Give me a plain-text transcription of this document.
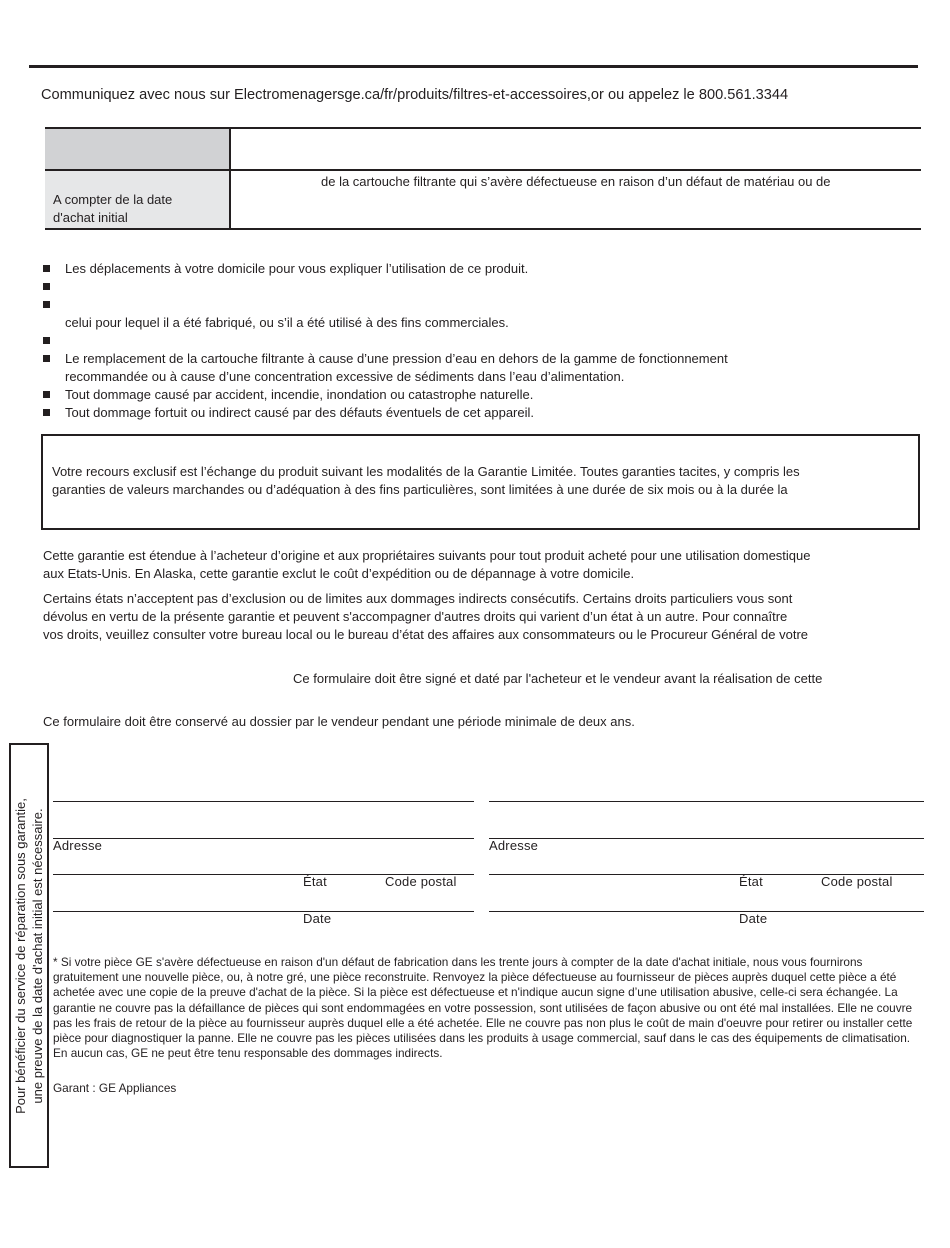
Communiquez avec nous sur Electromenagersge.ca/fr/produits/filtres-et-accessoires,or ou appelez le 800.561.3344
A compter de la date
d'achat initial
de la cartouche filtrante qui s’avère défectueuse en raison d’un défaut de matériau ou de
Les déplacements à votre domicile pour vous expliquer l’utilisation de ce produit.
celui pour lequel il a été fabriqué, ou s’il a été utilisé à des fins commerciales.
Le remplacement de la cartouche filtrante à cause d’une pression d’eau en dehors de la gamme de fonctionnement
recommandée ou à cause d’une concentration excessive de sédiments dans l’eau d’alimentation.
Tout dommage causé par accident, incendie, inondation ou catastrophe naturelle.
Tout dommage fortuit ou indirect causé par des défauts éventuels de cet appareil.
Votre recours exclusif est l’échange du produit suivant les modalités de la Garantie Limitée. Toutes garanties tacites, y compris les
garanties de valeurs marchandes ou d’adéquation à des fins particulières, sont limitées à une durée de six mois ou à la durée la
Cette garantie est étendue à l’acheteur d’origine et aux propriétaires suivants pour tout produit acheté pour une utilisation domestique
aux Etats-Unis. En Alaska, cette garantie exclut le coût d’expédition ou de dépannage à votre domicile.
Certains états n’acceptent pas d’exclusion ou de limites aux dommages indirects consécutifs. Certains droits particuliers vous sont
dévolus en vertu de la présente garantie et peuvent s'accompagner d'autres droits qui varient d’un état à un autre. Pour connaître
vos droits, veuillez consulter votre bureau local ou le bureau d’état des affaires aux consommateurs ou le Procureur Général de votre
Ce formulaire doit être signé et daté par l'acheteur et le vendeur avant la réalisation de cette
Ce formulaire doit être conservé au dossier par le vendeur pendant une période minimale de deux ans.
Pour bénéficier du service de réparation sous garantie, une preuve de la date d'achat initial est nécessaire. Adresse
État	Code postal
Date
Adresse
État	Code postal
Date
* Si votre pièce GE s'avère défectueuse en raison d'un défaut de fabrication dans les trente jours à compter de la date d'achat initiale, nous vous fournirons gratuitement une nouvelle pièce, ou, à notre gré, une pièce reconstruite. Renvoyez la pièce défectueuse au fournisseur de pièces auprès duquel cette pièce a été achetée avec une copie de la preuve d'achat de la pièce. Si la pièce est défectueuse et n'indique aucun signe d’une utilisation abusive, celle-ci sera échangée. La garantie ne couvre pas la défaillance de pièces qui sont endommagées en votre possession, sont utilisées de façon abusive ou ont été mal installées. Elle ne couvre pas les frais de retour de la pièce au fournisseur auprès duquel elle a été achetée. Elle ne couvre pas non plus le coût de main d'oeuvre pour retirer ou installer cette pièce pour diagnostiquer la panne. Elle ne couvre pas les pièces utilisées dans les produits à usage commercial, sauf dans le cas des équipements de climatisation. En aucun cas, GE ne peut être tenu responsable des dommages indirects.
Garant : GE Appliances
